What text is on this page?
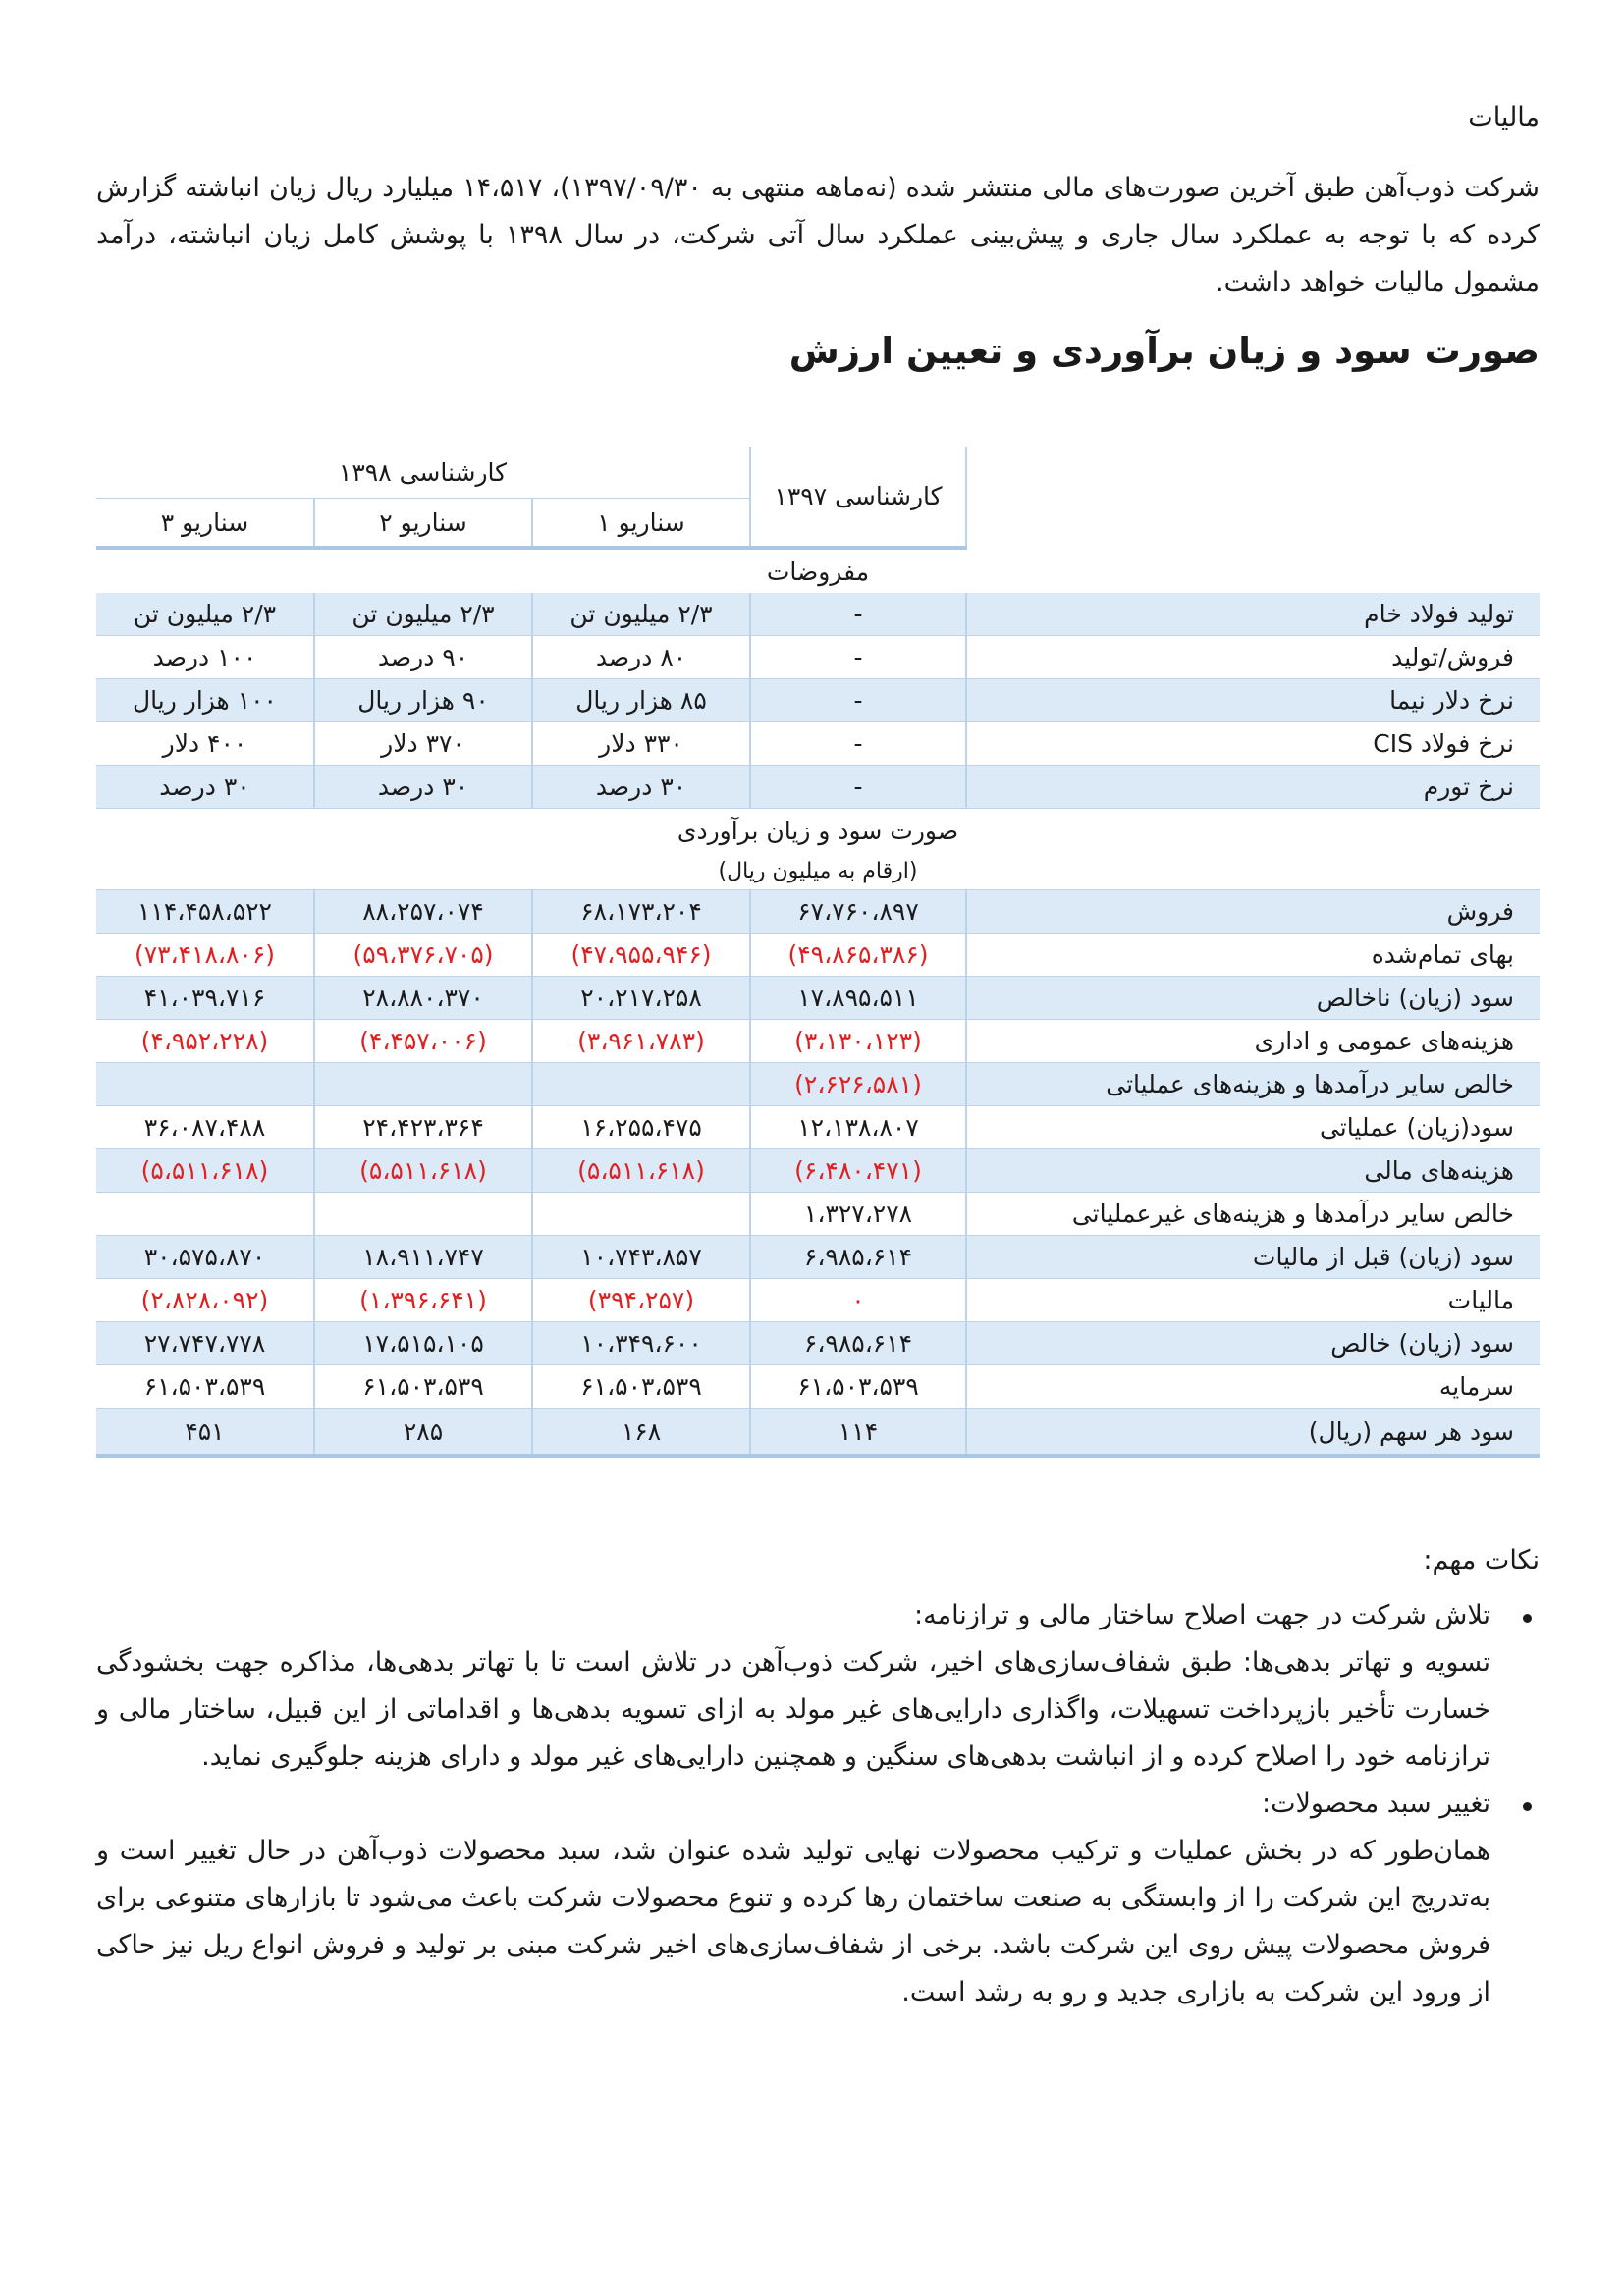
مالیات

شرکت ذوب‌آهن طبق آخرین صورت‌های مالی منتشر شده (نه‌ماهه منتهی به ۱۳۹۷/۰۹/۳۰)، ۱۴،۵۱۷ میلیارد ریال زیان انباشته گزارش کرده که با توجه به عملکرد سال جاری و پیش‌بینی عملکرد سال آتی شرکت، در سال ۱۳۹۸ با پوشش کامل زیان انباشته، درآمد مشمول مالیات خواهد داشت.

صورت سود و زیان برآوردی و تعیین ارزش
	کارشناسی ۱۳۹۷	کارشناسی ۱۳۹۸		
		سناریو ۱	سناریو ۲	سناریو ۳
مفروضات				
تولید فولاد خام	-	۲/۳ میلیون تن	۲/۳ میلیون تن	۲/۳ میلیون تن
فروش/تولید	-	۸۰ درصد	۹۰ درصد	۱۰۰ درصد
نرخ دلار نیما	-	۸۵ هزار ریال	۹۰ هزار ریال	۱۰۰ هزار ریال
نرخ فولاد CIS	-	۳۳۰ دلار	۳۷۰ دلار	۴۰۰ دلار
نرخ تورم	-	۳۰ درصد	۳۰ درصد	۳۰ درصد
صورت سود و زیان برآوردی				
(ارقام به میلیون ریال)				
فروش	۶۷،۷۶۰،۸۹۷	۶۸،۱۷۳،۲۰۴	۸۸،۲۵۷،۰۷۴	۱۱۴،۴۵۸،۵۲۲
بهای تمام‌شده	(۴۹،۸۶۵،۳۸۶)	(۴۷،۹۵۵،۹۴۶)	(۵۹،۳۷۶،۷۰۵)	(۷۳،۴۱۸،۸۰۶)
سود (زیان) ناخالص	۱۷،۸۹۵،۵۱۱	۲۰،۲۱۷،۲۵۸	۲۸،۸۸۰،۳۷۰	۴۱،۰۳۹،۷۱۶
هزینه‌های عمومی و اداری	(۳،۱۳۰،۱۲۳)	(۳،۹۶۱،۷۸۳)	(۴،۴۵۷،۰۰۶)	(۴،۹۵۲،۲۲۸)
خالص سایر درآمدها و هزینه‌های عملیاتی	(۲،۶۲۶،۵۸۱)			
سود(زیان) عملیاتی	۱۲،۱۳۸،۸۰۷	۱۶،۲۵۵،۴۷۵	۲۴،۴۲۳،۳۶۴	۳۶،۰۸۷،۴۸۸
هزینه‌های مالی	(۶،۴۸۰،۴۷۱)	(۵،۵۱۱،۶۱۸)	(۵،۵۱۱،۶۱۸)	(۵،۵۱۱،۶۱۸)
خالص سایر درآمدها و هزینه‌های غیرعملیاتی	۱،۳۲۷،۲۷۸			
سود (زیان) قبل از مالیات	۶،۹۸۵،۶۱۴	۱۰،۷۴۳،۸۵۷	۱۸،۹۱۱،۷۴۷	۳۰،۵۷۵،۸۷۰
مالیات	۰	(۳۹۴،۲۵۷)	(۱،۳۹۶،۶۴۱)	(۲،۸۲۸،۰۹۲)
سود (زیان) خالص	۶،۹۸۵،۶۱۴	۱۰،۳۴۹،۶۰۰	۱۷،۵۱۵،۱۰۵	۲۷،۷۴۷،۷۷۸
سرمایه	۶۱،۵۰۳،۵۳۹	۶۱،۵۰۳،۵۳۹	۶۱،۵۰۳،۵۳۹	۶۱،۵۰۳،۵۳۹
سود هر سهم (ریال)	۱۱۴	۱۶۸	۲۸۵	۴۵۱
نکات مهم:

تلاش شرکت در جهت اصلاح ساختار مالی و ترازنامه:

تسویه و تهاتر بدهی‌ها: طبق شفاف‌سازی‌های اخیر، شرکت ذوب‌آهن در تلاش است تا با تهاتر بدهی‌ها، مذاکره جهت بخشودگی خسارت تأخیر بازپرداخت تسهیلات، واگذاری دارایی‌های غیر مولد به ازای تسویه بدهی‌ها و اقداماتی از این قبیل، ساختار مالی و ترازنامه خود را اصلاح کرده و از انباشت بدهی‌های سنگین و همچنین دارایی‌های غیر مولد و دارای هزینه جلوگیری نماید.

تغییر سبد محصولات:

همان‌طور که در بخش عملیات و ترکیب محصولات نهایی تولید شده عنوان شد، سبد محصولات ذوب‌آهن در حال تغییر است و به‌تدریج این شرکت را از وابستگی به صنعت ساختمان رها کرده و تنوع محصولات شرکت باعث می‌شود تا بازارهای متنوعی برای فروش محصولات پیش روی این شرکت باشد. برخی از شفاف‌سازی‌های اخیر شرکت مبنی بر تولید و فروش انواع ریل نیز حاکی از ورود این شرکت به بازاری جدید و رو به رشد است.
